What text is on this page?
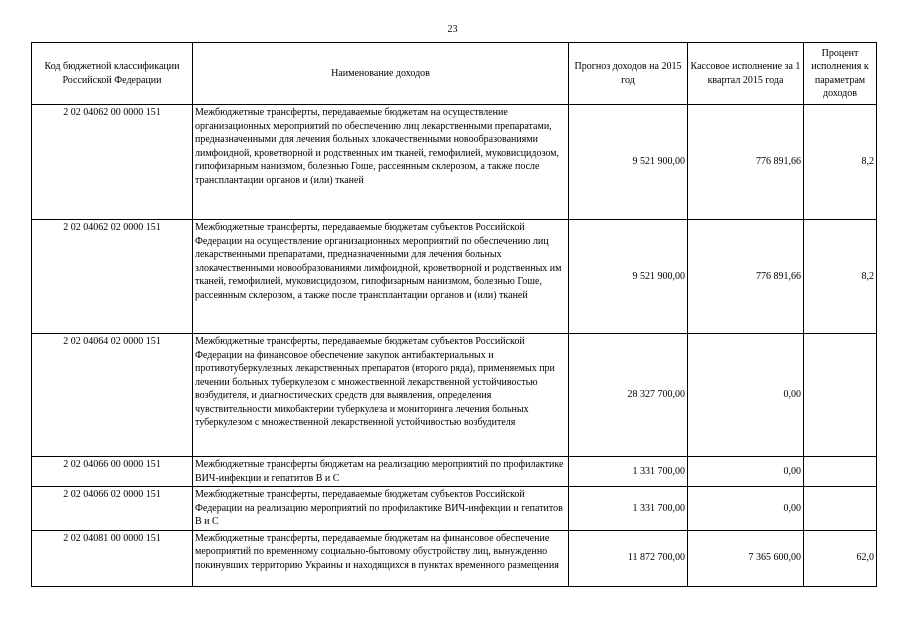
23
Код бюджетной классификации Российской Федерации	Наименование доходов	Прогноз доходов на 2015 год	Кассовое исполнение за 1 квартал 2015 года	Процент исполнения к параметрам доходов
2 02 04062 00 0000 151	Межбюджетные трансферты, передаваемые бюджетам на осуществление организационных мероприятий по обеспечению лиц лекарственными препаратами, предназначенными для лечения больных злокачественными новообразованиями лимфоидной, кроветворной и родственных им тканей, гемофилией, муковисцидозом, гипофизарным нанизмом, болезнью Гоше, рассеянным склерозом, а также после трансплантации органов и (или) тканей	9 521 900,00	776 891,66	8,2
2 02 04062 02 0000 151	Межбюджетные трансферты, передаваемые бюджетам субъектов Российской Федерации на осуществление организационных мероприятий по обеспечению лиц лекарственными препаратами, предназначенными для лечения больных злокачественными новообразованиями лимфоидной, кроветворной и родственных им тканей, гемофилией, муковисцидозом, гипофизарным нанизмом, болезнью Гоше, рассеянным склерозом, а также после трансплантации органов и (или) тканей	9 521 900,00	776 891,66	8,2
2 02 04064 02 0000 151	Межбюджетные трансферты, передаваемые бюджетам субъектов Российской Федерации на финансовое обеспечение закупок антибактериальных и противотуберкулезных лекарственных препаратов (второго ряда), применяемых при лечении больных туберкулезом с множественной лекарственной устойчивостью возбудителя, и диагностических средств для выявления, определения чувствительности микобактерии туберкулеза и мониторинга лечения больных туберкулезом с множественной лекарственной устойчивостью возбудителя	28 327 700,00	0,00	
2 02 04066 00 0000 151	Межбюджетные трансферты бюджетам на реализацию мероприятий по профилактике ВИЧ-инфекции и гепатитов В и С	1 331 700,00	0,00	
2 02 04066 02 0000 151	Межбюджетные трансферты, передаваемые бюджетам субъектов Российской Федерации на реализацию мероприятий по профилактике ВИЧ-инфекции и гепатитов В и С	1 331 700,00	0,00	
2 02 04081 00 0000 151	Межбюджетные трансферты, передаваемые бюджетам на финансовое обеспечение мероприятий по временному социально-бытовому обустройству лиц, вынужденно покинувших территорию Украины и находящихся в пунктах временного размещения	11 872 700,00	7 365 600,00	62,0
